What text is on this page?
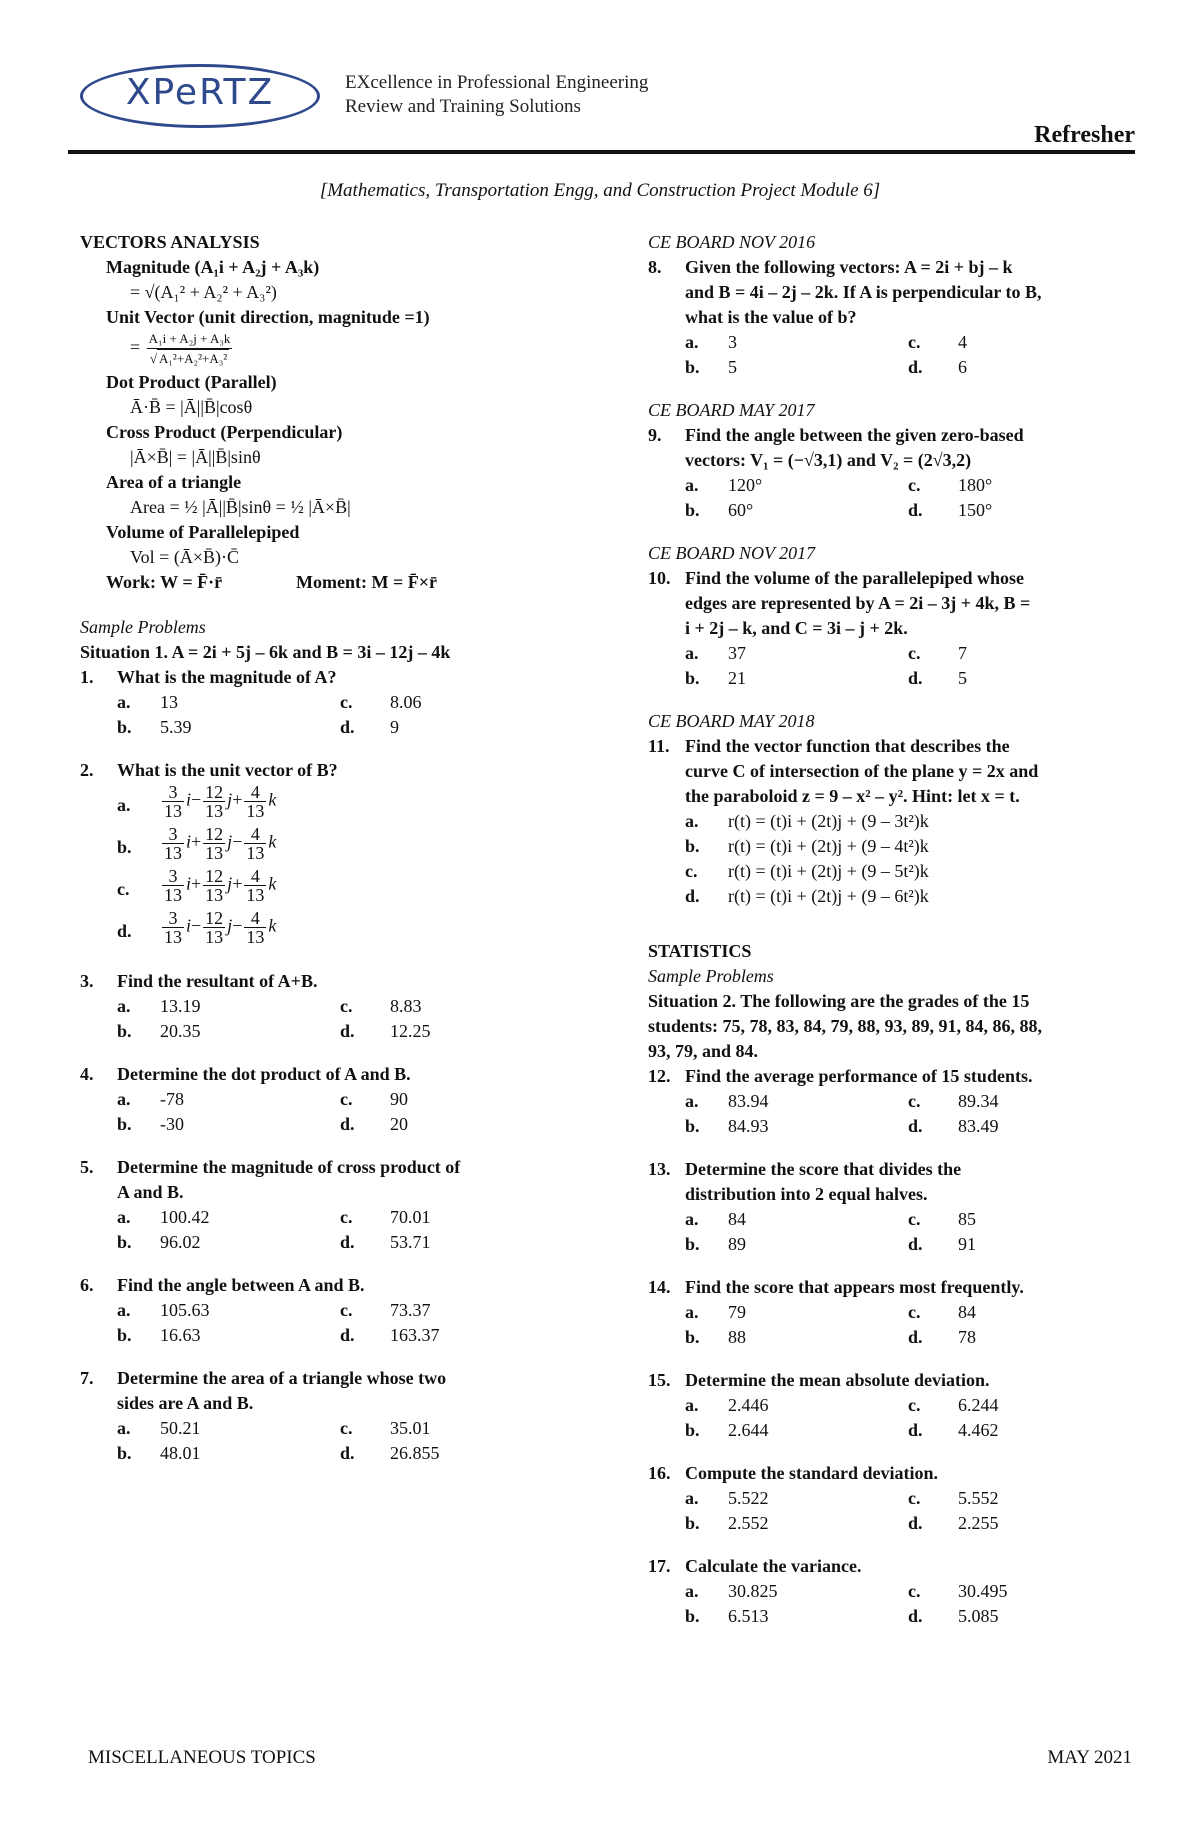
XPeRTZ	EXcellence in Professional Engineering
Review and Training Solutions
Refresher
[Mathematics, Transportation Engg, and Construction Project Module 6]
VECTORS ANALYSIS
Magnitude (A₁i + A₂j + A₃k)
= √(A₁² + A₂² + A₃²)
Unit Vector (unit direction, magnitude =1)
= $\frac{\text{A₁i + A₂j + A₃k}}{\text{√ A₁²+A₂²+A₃²}}$
Dot Product (Parallel)
Ā·B̄ = |Ā||B̄|cosθ
Cross Product (Perpendicular)
|Ā×B̄| = |Ā||B̄|sinθ
Area of a triangle
Area = ½ |Ā||B̄|sinθ = ½ |Ā×B̄|
Volume of Parallelepiped
Vol = (Ā×B̄)·C̄
Work: W = F̄·r̄	Moment: M = F̄×r̄
Sample Problems
Situation 1. A = 2i + 5j – 6k and B = 3i – 12j – 4k
1. What is the magnitude of A?
a. 13	c. 8.06
b. 5.39	d. 9
2. What is the unit vector of B?
a. $\frac{3}{13} i- \frac{12}{13} j+ \frac{4}{13}$ k
b. $\frac{3}{13} i+ \frac{12}{13} j- \frac{4}{13}$ k
c. $\frac{3}{13} i+ \frac{12}{13} j+ \frac{4}{13}$ k
d. $\frac{3}{13} i- \frac{12}{13} j- \frac{4}{13}$ k
3. Find the resultant of A+B.
a. 13.19	c. 8.83
b. 20.35	d. 12.25
4. Determine the dot product of A and B.
a. -78	c. 90
b. -30	d. 20
5. Determine the magnitude of cross product of
A and B.
a. 100.42	c. 70.01
b. 96.02	d. 53.71
6. Find the angle between A and B.
a. 105.63	c. 73.37
b. 16.63	d. 163.37
7. Determine the area of a triangle whose two
sides are A and B.
a. 50.21	c. 35.01
b. 48.01	d. 26.855
CE BOARD NOV 2016
8. Given the following vectors: A = 2i + bj – k
and B = 4i – 2j – 2k. If A is perpendicular to B,
what is the value of b?
a. 3	c. 4
b. 5	d. 6
CE BOARD MAY 2017
9. Find the angle between the given zero-based
vectors: V₁ = (−√3,1) and V₂ = (2√3,2)
a. 120°	c. 180°
b. 60°	d. 150°
CE BOARD NOV 2017
10. Find the volume of the parallelepiped whose
edges are represented by A = 2i – 3j + 4k, B =
i + 2j – k, and C = 3i – j + 2k.
a. 37	c. 7
b. 21	d. 5
CE BOARD MAY 2018
11. Find the vector function that describes the
curve C of intersection of the plane y = 2x and
the paraboloid z = 9 – x² – y². Hint: let x = t.
a. r(t) = (t)i + (2t)j + (9 – 3t²)k
b. r(t) = (t)i + (2t)j + (9 – 4t²)k
c. r(t) = (t)i + (2t)j + (9 – 5t²)k
d. r(t) = (t)i + (2t)j + (9 – 6t²)k
STATISTICS
Sample Problems
Situation 2. The following are the grades of the 15
students: 75, 78, 83, 84, 79, 88, 93, 89, 91, 84, 86, 88,
93, 79, and 84.
12. Find the average performance of 15 students.
a. 83.94	c. 89.34
b. 84.93	d. 83.49
13. Determine the score that divides the
distribution into 2 equal halves.
a. 84	c. 85
b. 89	d. 91
14. Find the score that appears most frequently.
a. 79	c. 84
b. 88	d. 78
15. Determine the mean absolute deviation.
a. 2.446	c. 6.244
b. 2.644	d. 4.462
16. Compute the standard deviation.
a. 5.522	c. 5.552
b. 2.552	d. 2.255
17. Calculate the variance.
a. 30.825	c. 30.495
b. 6.513	d. 5.085
MISCELLANEOUS TOPICS	MAY 2021
